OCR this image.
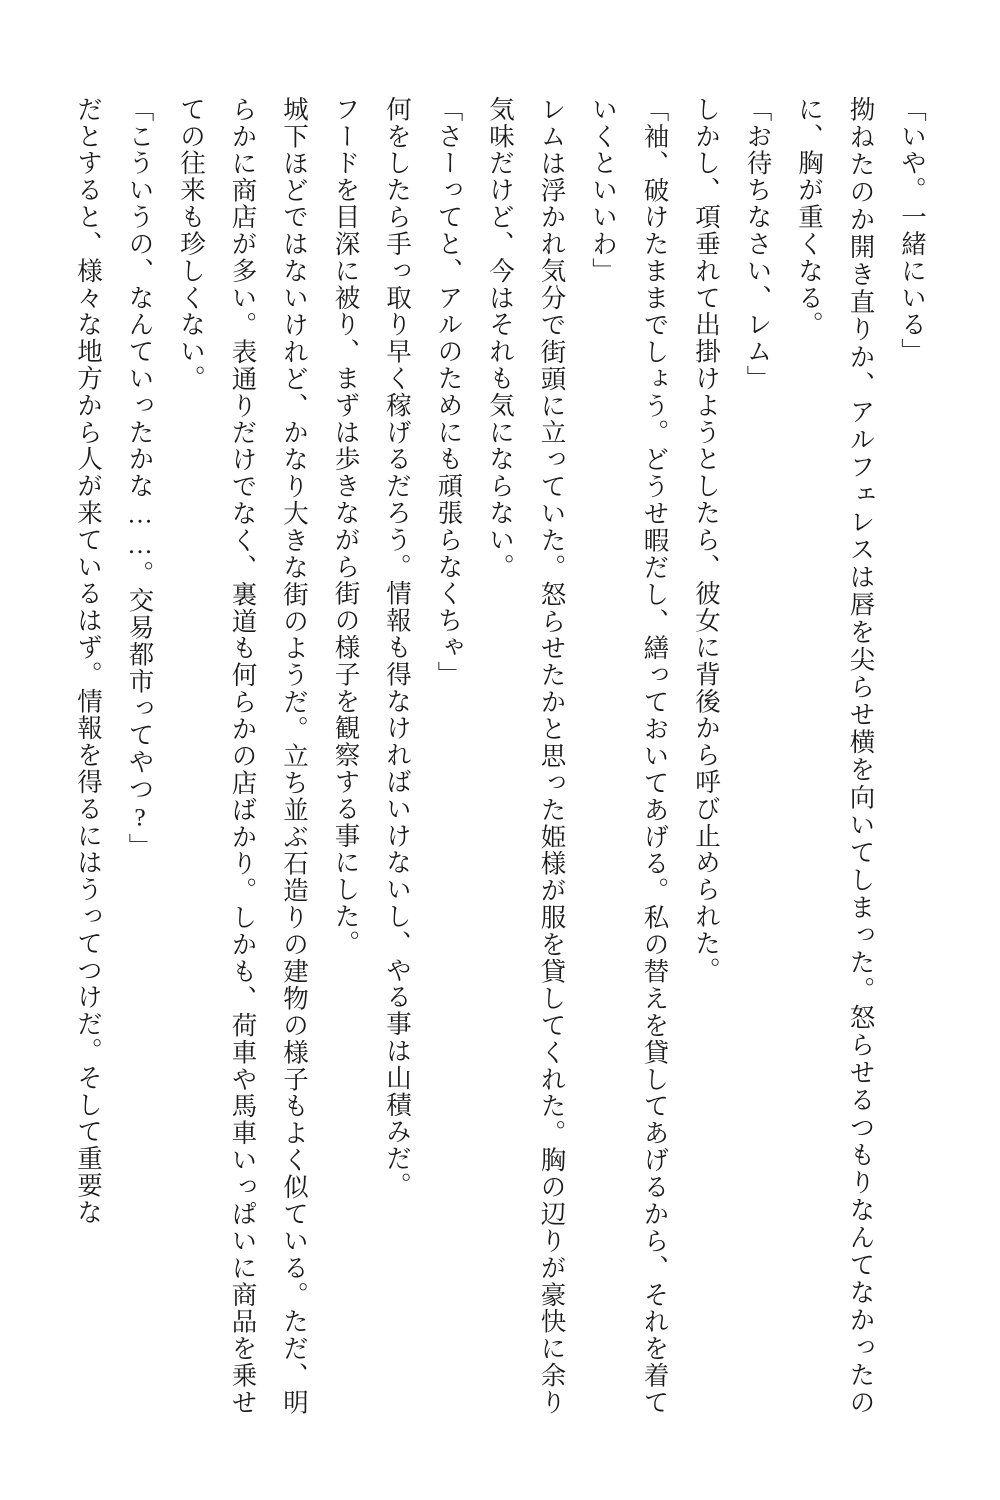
「いや。一緒にいる」

拗ねたのか開き直りか、アルフェレスは唇を尖らせ横を向いてしまった。怒らせるつもりなんてなかったのに、胸が重くなる。

「お待ちなさい、レム」

しかし、項垂れて出掛けようとしたら、彼女に背後から呼び止められた。

「袖、破けたままでしょう。どうせ暇だし、繕っておいてあげる。私の替えを貸してあげるから、それを着ていくといいわ」

レムは浮かれ気分で街頭に立っていた。怒らせたかと思った姫様が服を貸してくれた。胸の辺りが豪快に余り気味だけど、今はそれも気にならない。

「さーってと、アルのためにも頑張らなくちゃ」

何をしたら手っ取り早く稼げるだろう。情報も得なければいけないし、やる事は山積みだ。

フードを目深に被り、まずは歩きながら街の様子を観察する事にした。

城下ほどではないけれど、かなり大きな街のようだ。立ち並ぶ石造りの建物の様子もよく似ている。ただ、明らかに商店が多い。表通りだけでなく、裏道も何らかの店ばかり。しかも、荷車や馬車いっぱいに商品を乗せての往来も珍しくない。

「こういうの、なんていったかな……。交易都市ってやつ?」

だとすると、様々な地方から人が来ているはず。情報を得るにはうってつけだ。そして重要な
